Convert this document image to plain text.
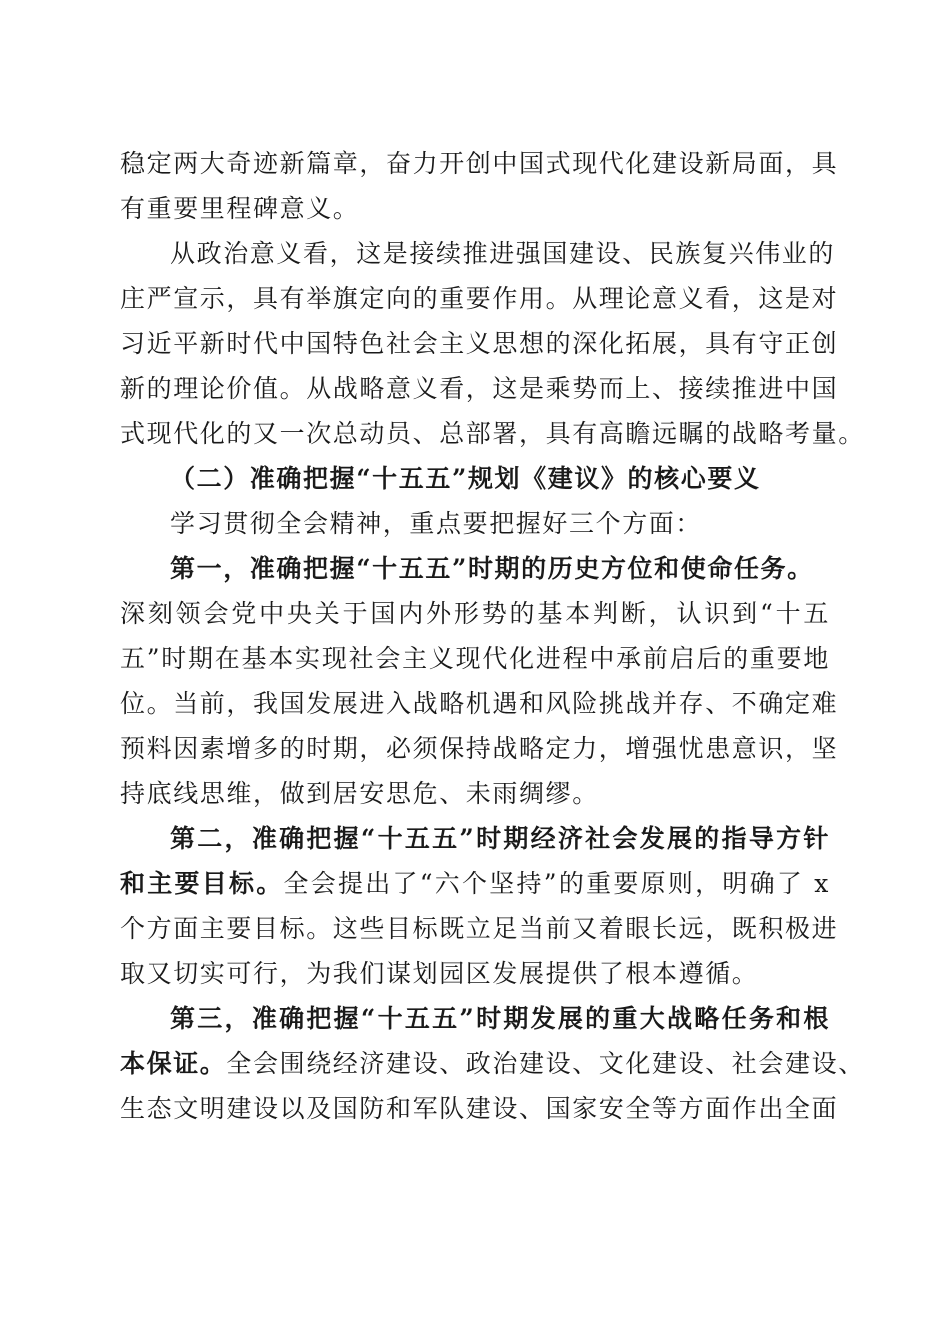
稳定两大奇迹新篇章，奋力开创中国式现代化建设新局面，具
有重要里程碑意义。
从政治意义看，这是接续推进强国建设、民族复兴伟业的
庄严宣示，具有举旗定向的重要作用。从理论意义看，这是对
习近平新时代中国特色社会主义思想的深化拓展，具有守正创
新的理论价值。从战略意义看，这是乘势而上、接续推进中国
式现代化的又一次总动员、总部署，具有高瞻远瞩的战略考量。
（二）准确把握“十五五”规划《建议》的核心要义
学习贯彻全会精神，重点要把握好三个方面：
第一，准确把握“十五五”时期的历史方位和使命任务。
深刻领会党中央关于国内外形势的基本判断，认识到“十五
五”时期在基本实现社会主义现代化进程中承前启后的重要地
位。当前，我国发展进入战略机遇和风险挑战并存、不确定难
预料因素增多的时期，必须保持战略定力，增强忧患意识，坚
持底线思维，做到居安思危、未雨绸缪。
第二，准确把握“十五五”时期经济社会发展的指导方针
和主要目标。全会提出了“六个坚持”的重要原则，明确了 x
个方面主要目标。这些目标既立足当前又着眼长远，既积极进
取又切实可行，为我们谋划园区发展提供了根本遵循。
第三，准确把握“十五五”时期发展的重大战略任务和根
本保证。全会围绕经济建设、政治建设、文化建设、社会建设、
生态文明建设以及国防和军队建设、国家安全等方面作出全面
